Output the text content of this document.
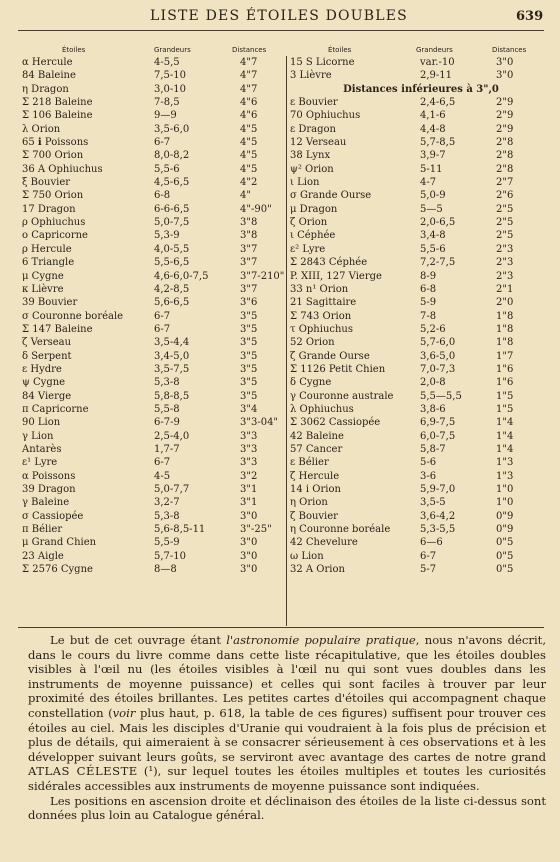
LISTE DES ÉTOILES DOUBLES	639
Étoiles	Grandeurs	Distances
α Hercule	4-5,5	4"7
84 Baleine	7,5-10	4"7
η Dragon	3,0-10	4"7
Σ 218 Baleine	7-8,5	4"6
Σ 106 Baleine	9—9	4"6
λ Orion	3,5-6,0	4"5
65 ℹ Poissons	6-7	4"5
Σ 700 Orion	8,0-8,2	4"5
36 A Ophiuchus	5,5-6	4"5
ξ Bouvier	4,5-6,5	4"2
Σ 750 Orion	6-8	4"
17 Dragon	6-6-6,5	4"-90"
ρ Ophiuchus	5,0-7,5	3"8
ο Capricorne	5,3-9	3"8
ρ Hercule	4,0-5,5	3"7
6 Triangle	5,5-6,5	3"7
μ Cygne	4,6-6,0-7,5	3"7-210"
κ Lièvre	4,2-8,5	3"7
39 Bouvier	5,6-6,5	3"6
σ Couronne boréale	6-7	3"5
Σ 147 Baleine	6-7	3"5
ζ Verseau	3,5-4,4	3"5
δ Serpent	3,4-5,0	3"5
ε Hydre	3,5-7,5	3"5
ψ Cygne	5,3-8	3"5
84 Vierge	5,8-8,5	3"5
π Capricorne	5,5-8	3"4
90 Lion	6-7-9	3"3-04"
γ Lion	2,5-4,0	3"3
Antarès	1,7-7	3"3
ε¹ Lyre	6-7	3"3
α Poissons	4-5	3"2
39 Dragon	5,0-7,7	3"1
γ Baleine	3,2-7	3"1
σ Cassiopée	5,3-8	3"0
π Bélier	5,6-8,5-11	3"-25"
μ Grand Chien	5,5-9	3"0
23 Aigle	5,7-10	3"0
Σ 2576 Cygne	8—8	3"0
Étoiles	Grandeurs	Distances
15 S Licorne	var.-10	3"0
3 Lièvre	2,9-11	3"0
Distances inférieures à 3",0
ε Bouvier	2,4-6,5	2"9
70 Ophiuchus	4,1-6	2"9
ε Dragon	4,4-8	2"9
12 Verseau	5,7-8,5	2"8
38 Lynx	3,9-7	2"8
ψ² Orion	5-11	2"8
ι Lion	4-7	2"7
σ Grande Ourse	5,0-9	2"6
μ Dragon	5—5	2"5
ζ Orion	2,0-6,5	2"5
ι Céphée	3,4-8	2"5
ε² Lyre	5,5-6	2"3
Σ 2843 Céphée	7,2-7,5	2"3
P. XIII, 127 Vierge	8-9	2"3
33 n¹ Orion	6-8	2"1
21 Sagittaire	5-9	2"0
Σ 743 Orion	7-8	1"8
τ Ophiuchus	5,2-6	1"8
52 Orion	5,7-6,0	1"8
ζ Grande Ourse	3,6-5,0	1"7
Σ 1126 Petit Chien	7,0-7,3	1"6
δ Cygne	2,0-8	1"6
γ Couronne australe	5,5—5,5	1"5
λ Ophiuchus	3,8-6	1"5
Σ 3062 Cassiopée	6,9-7,5	1"4
42 Baleine	6,0-7,5	1"4
57 Cancer	5,8-7	1"4
ε Bélier	5-6	1"3
ζ Hercule	3-6	1"3
14 i Orion	5,9-7,0	1"0
η Orion	3,5-5	1"0
ζ Bouvier	3,6-4,2	0"9
η Couronne boréale	5,3-5,5	0"9
42 Chevelure	6—6	0"5
ω Lion	6-7	0"5
32 A Orion	5-7	0"5

Le but de cet ouvrage étant l'astronomie populaire pratique, nous n'avons décrit, dans le cours du livre comme dans cette liste récapitulative, que les étoiles doubles visibles à l'œil nu (les étoiles visibles à l'œil nu qui sont vues doubles dans les instruments de moyenne puissance) et celles qui sont faciles à trouver par leur proximité des étoiles brillantes. Les petites cartes d'étoiles qui accompagnent chaque constellation (voir plus haut, p. 618, la table de ces figures) suffisent pour trouver ces étoiles au ciel. Mais les disciples d'Uranie qui voudraient à la fois plus de précision et plus de détails, qui aimeraient à se consacrer sérieusement à ces observations et à les développer suivant leurs goûts, se serviront avec avantage des cartes de notre grand ATLAS CÉLESTE (¹), sur lequel toutes les étoiles multiples et toutes les curiosités sidérales accessibles aux instruments de moyenne puissance sont indiquées.

Les positions en ascension droite et déclinaison des étoiles de la liste ci-dessus sont données plus loin au Catalogue général.
